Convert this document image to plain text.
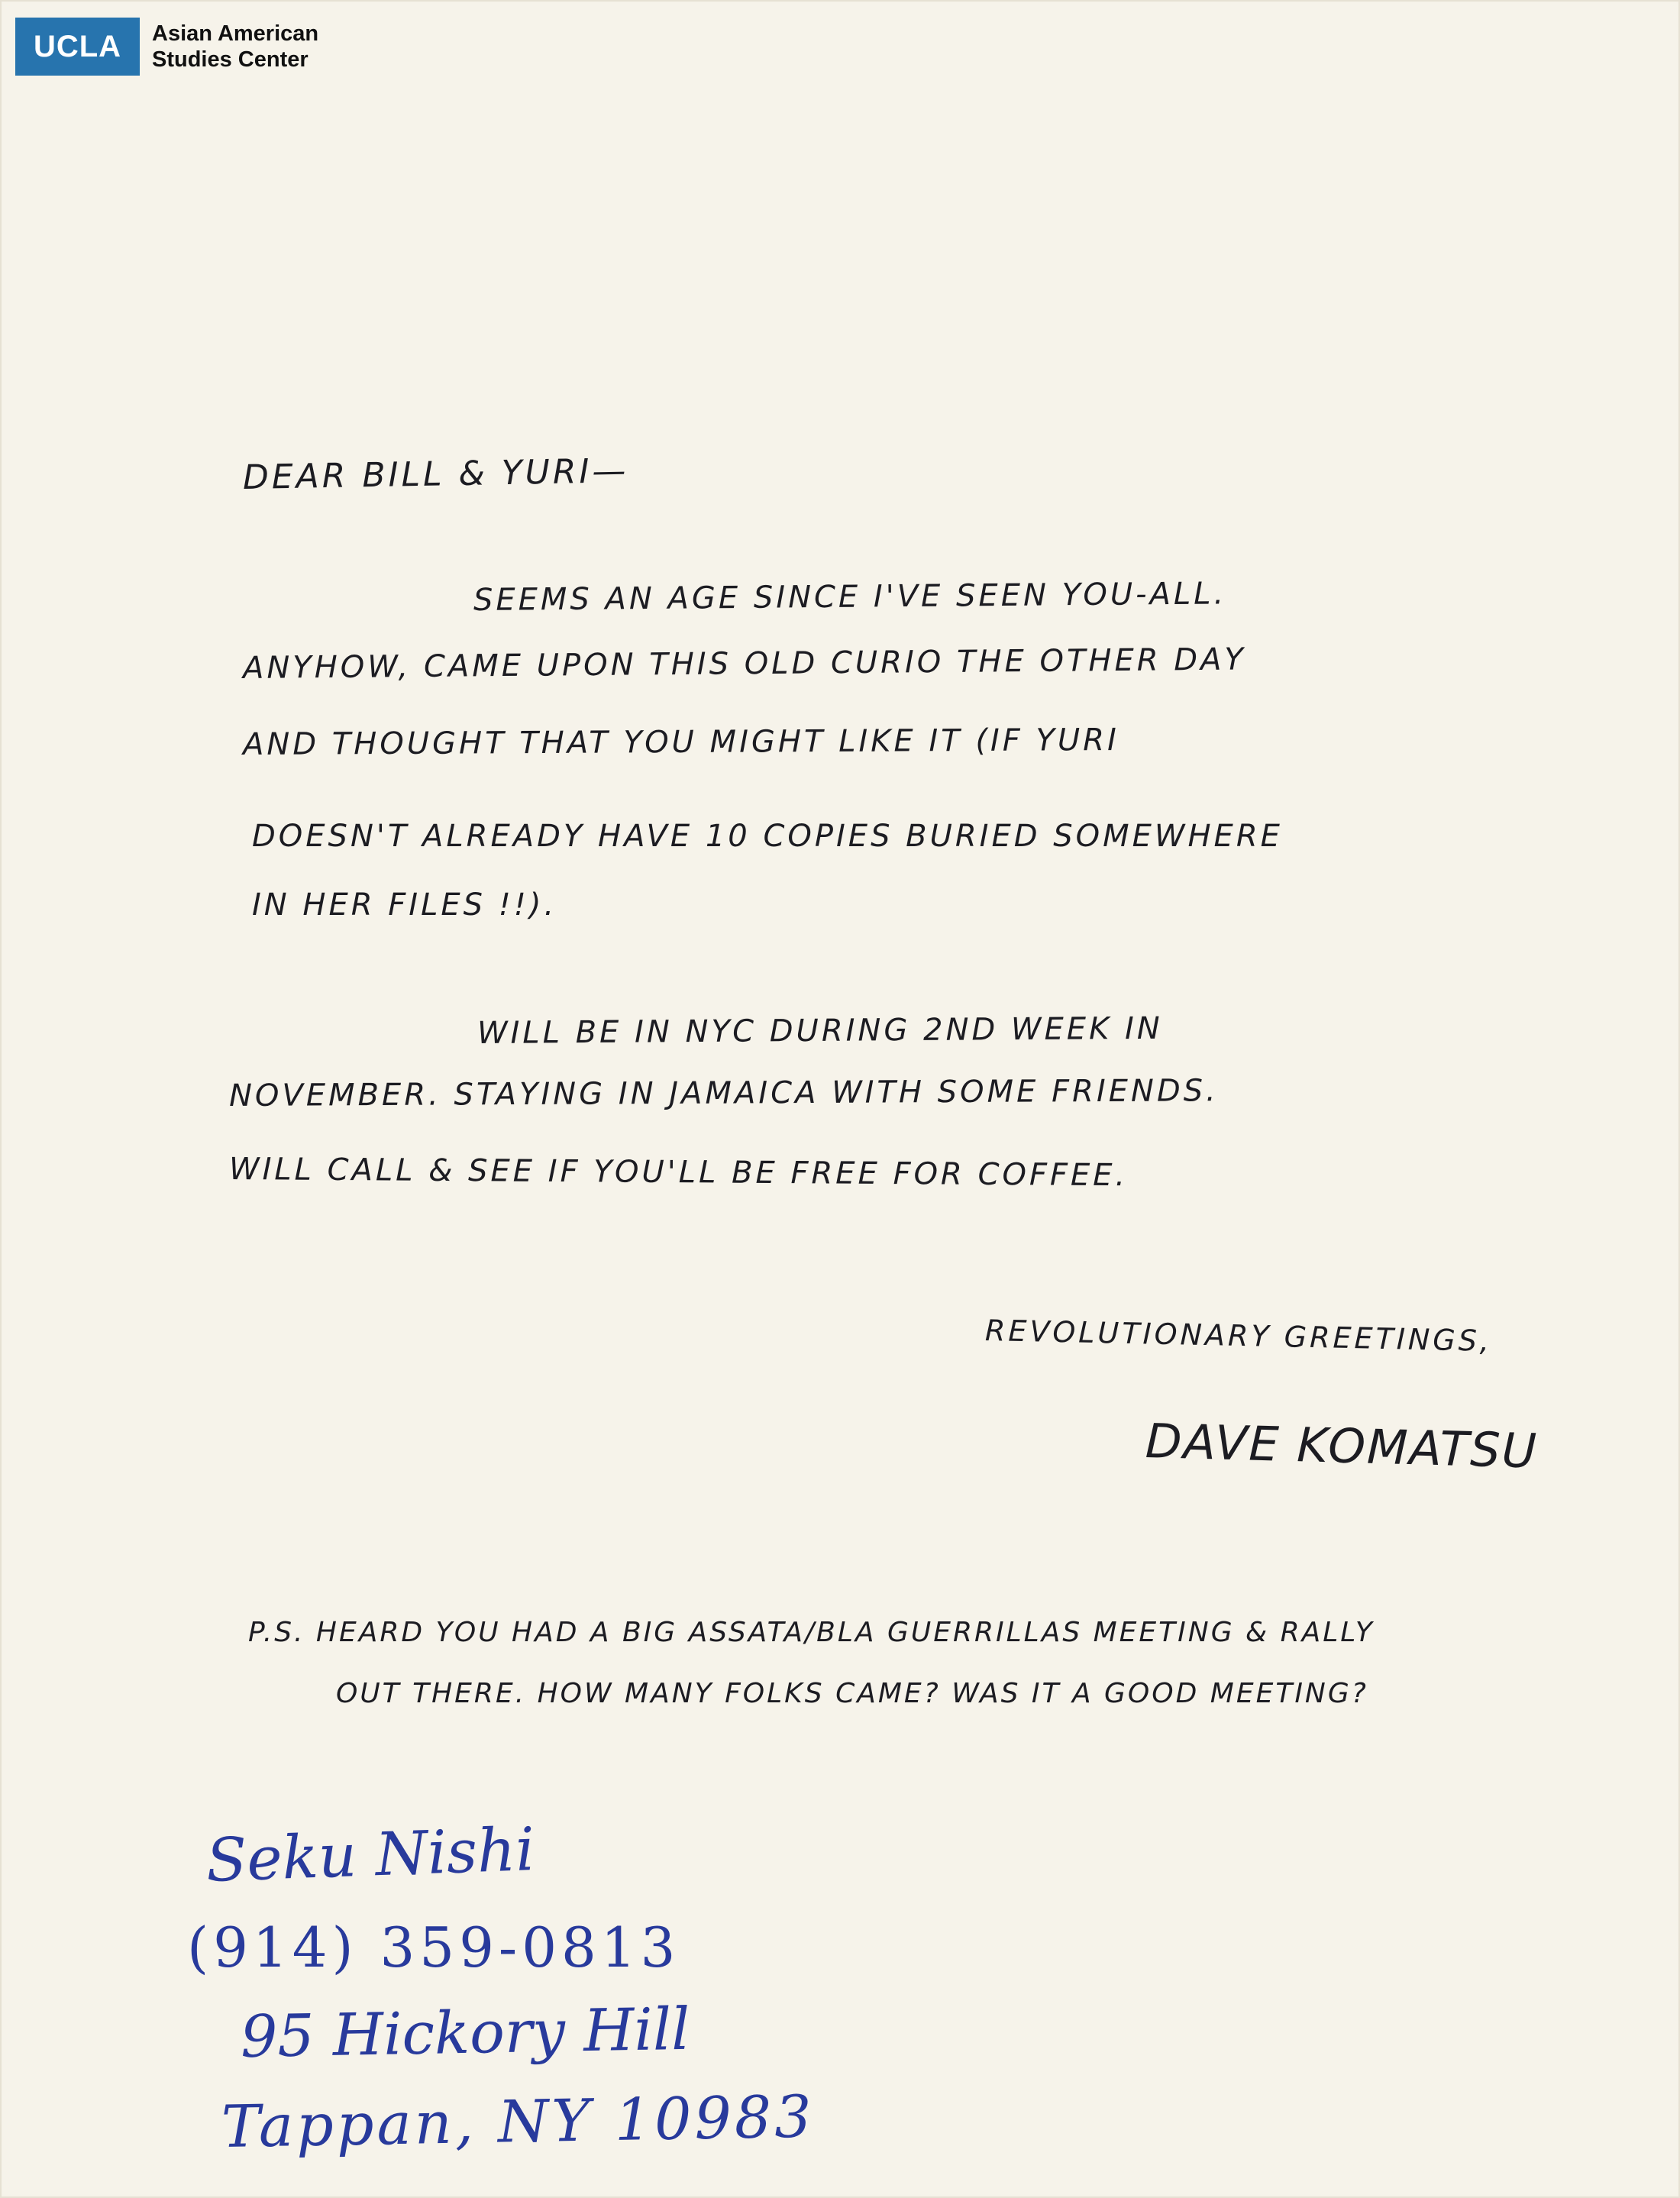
UCLA	Asian American
Studies Center
DEAR BILL & YURI—
SEEMS AN AGE SINCE I'VE SEEN YOU-ALL.
ANYHOW, CAME UPON THIS OLD CURIO THE OTHER DAY
AND THOUGHT THAT YOU MIGHT LIKE IT (IF YURI
DOESN'T ALREADY HAVE 10 COPIES BURIED SOMEWHERE
IN HER FILES !!).
WILL BE IN NYC DURING 2ND WEEK IN
NOVEMBER. STAYING IN JAMAICA WITH SOME FRIENDS.
WILL CALL & SEE IF YOU'LL BE FREE FOR COFFEE.
REVOLUTIONARY GREETINGS,
DAVE KOMATSU
P.S. HEARD YOU HAD A BIG ASSATA/BLA GUERRILLAS MEETING & RALLY
OUT THERE. HOW MANY FOLKS CAME? WAS IT A GOOD MEETING?
Seku Nishi
(914) 359-0813
95 Hickory Hill
Tappan, NY 10983
